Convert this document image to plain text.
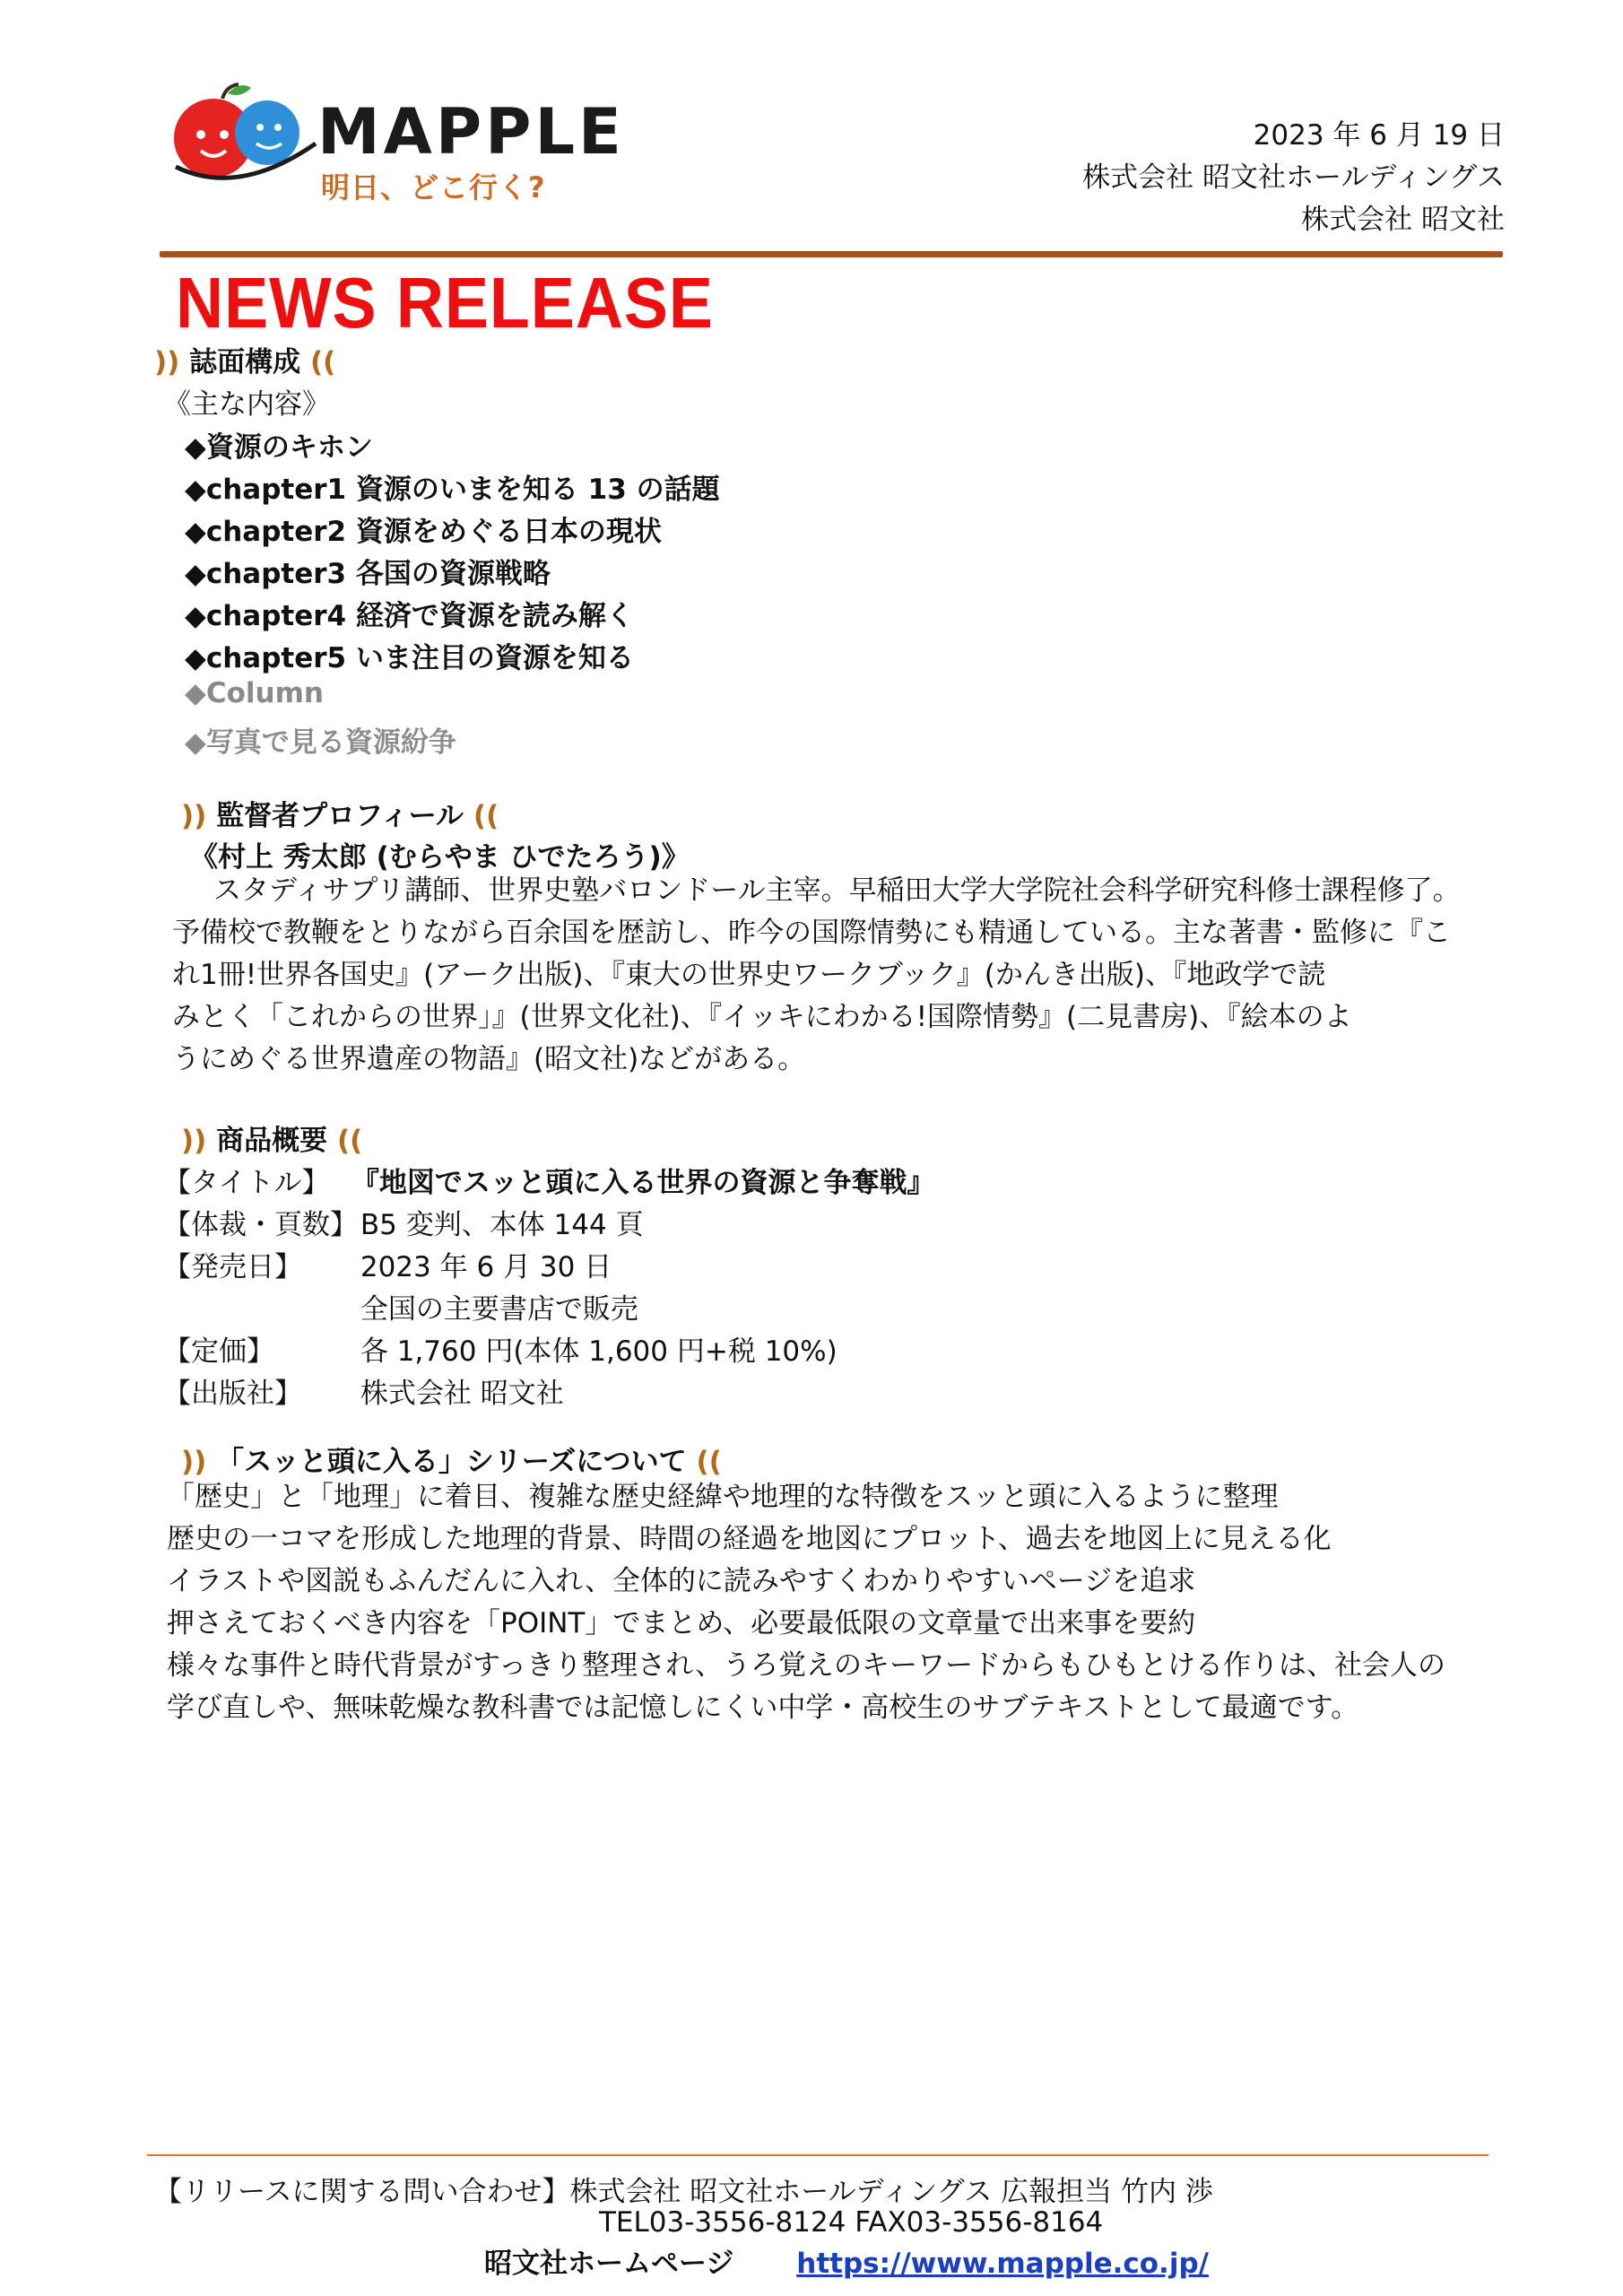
MAPPLE
明日、どこ行く?
2023 年 6 月 19 日
株式会社 昭文社ホールディングス
株式会社 昭文社
NEWS RELEASE
)) 誌面構成 ((
《主な内容》
◆資源のキホン
◆chapter1 資源のいまを知る 13 の話題
◆chapter2 資源をめぐる日本の現状
◆chapter3 各国の資源戦略
◆chapter4 経済で資源を読み解く
◆chapter5 いま注目の資源を知る
◆Column
◆写真で見る資源紛争
)) 監督者プロフィール ((
《村上 秀太郎 (むらやま ひでたろう)》
スタディサプリ講師、世界史塾バロンドール主宰。早稲田大学大学院社会科学研究科修士課程修了。
予備校で教鞭をとりながら百余国を歴訪し、昨今の国際情勢にも精通している。主な著書・監修に『こ
れ1冊!世界各国史』(アーク出版)、『東大の世界史ワークブック』(かんき出版)、『地政学で読
みとく「これからの世界」』(世界文化社)、『イッキにわかる!国際情勢』(二見書房)、『絵本のよ
うにめぐる世界遺産の物語』(昭文社)などがある。
)) 商品概要 ((
【タイトル】 『地図でスッと頭に入る世界の資源と争奪戦』
【体裁・頁数】 B5 変判、本体 144 頁
【発売日】 2023 年 6 月 30 日
全国の主要書店で販売
【定価】	各 1,760 円(本体 1,600 円+税 10%)
【出版社】 株式会社 昭文社
)) 「スッと頭に入る」シリーズについて ((
「歴史」と「地理」に着目、複雑な歴史経緯や地理的な特徴をスッと頭に入るように整理
歴史の一コマを形成した地理的背景、時間の経過を地図にプロット、過去を地図上に見える化
イラストや図説もふんだんに入れ、全体的に読みやすくわかりやすいページを追求
押さえておくべき内容を「POINT」でまとめ、必要最低限の文章量で出来事を要約
様々な事件と時代背景がすっきり整理され、うろ覚えのキーワードからもひもとける作りは、社会人の
学び直しや、無味乾燥な教科書では記憶しにくい中学・高校生のサブテキストとして最適です。
【リリースに関する問い合わせ】株式会社 昭文社ホールディングス 広報担当 竹内 渉
TEL03-3556-8124 FAX03-3556-8164
昭文社ホームページ https://www.mapple.co.jp/
